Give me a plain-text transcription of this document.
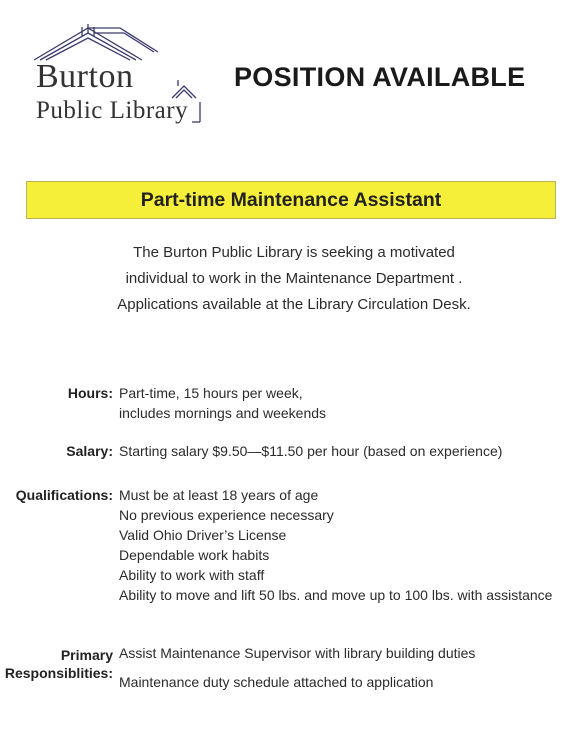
Burton
Public Library
POSITION AVAILABLE
Part-time Maintenance Assistant
The Burton Public Library is seeking a motivated
individual to work in the Maintenance Department .
Applications available at the Library Circulation Desk.
Hours: Part-time, 15 hours per week,
includes mornings and weekends
Salary: Starting salary $9.50—$11.50 per hour (based on experience)
Qualifications: Must be at least 18 years of age
No previous experience necessary
Valid Ohio Driver’s License
Dependable work habits
Ability to work with staff
Ability to move and lift 50 lbs. and move up to 100 lbs. with assistance
Primary
Responsiblities:
Assist Maintenance Supervisor with library building duties
Maintenance duty schedule attached to application
